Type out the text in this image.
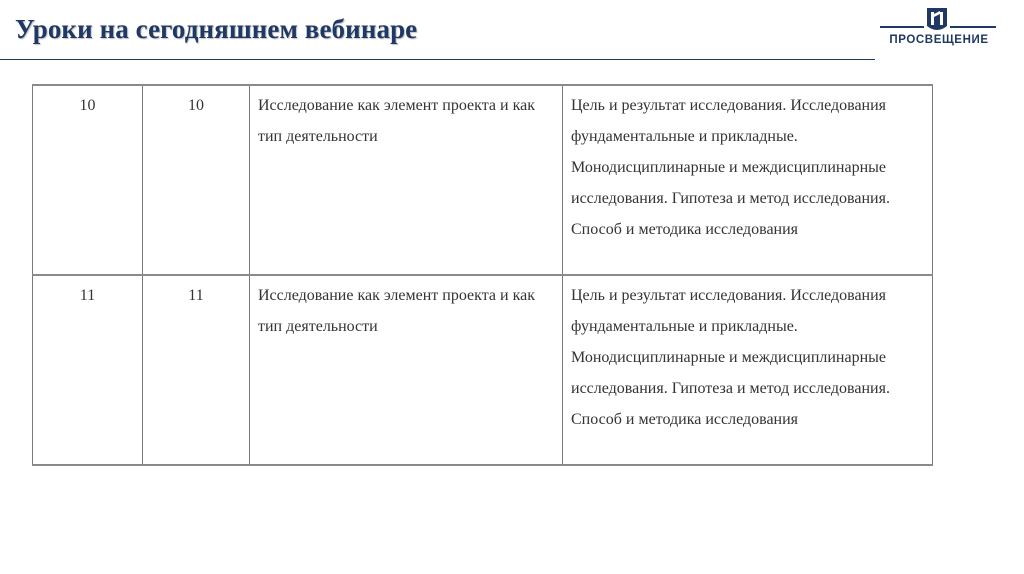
Уроки на сегодняшнем вебинаре	ПРОСВЕЩЕНИЕ
10	10	Исследование как элемент проекта и как тип деятельности	Цель и результат исследования. Исследования фундаментальные и прикладные. Монодисциплинарные и междисциплинарные исследования. Гипотеза и метод исследования. Способ и методика исследования
11	11	Исследование как элемент проекта и как тип деятельности	Цель и результат исследования. Исследования фундаментальные и прикладные. Монодисциплинарные и междисциплинарные исследования. Гипотеза и метод исследования. Способ и методика исследования
